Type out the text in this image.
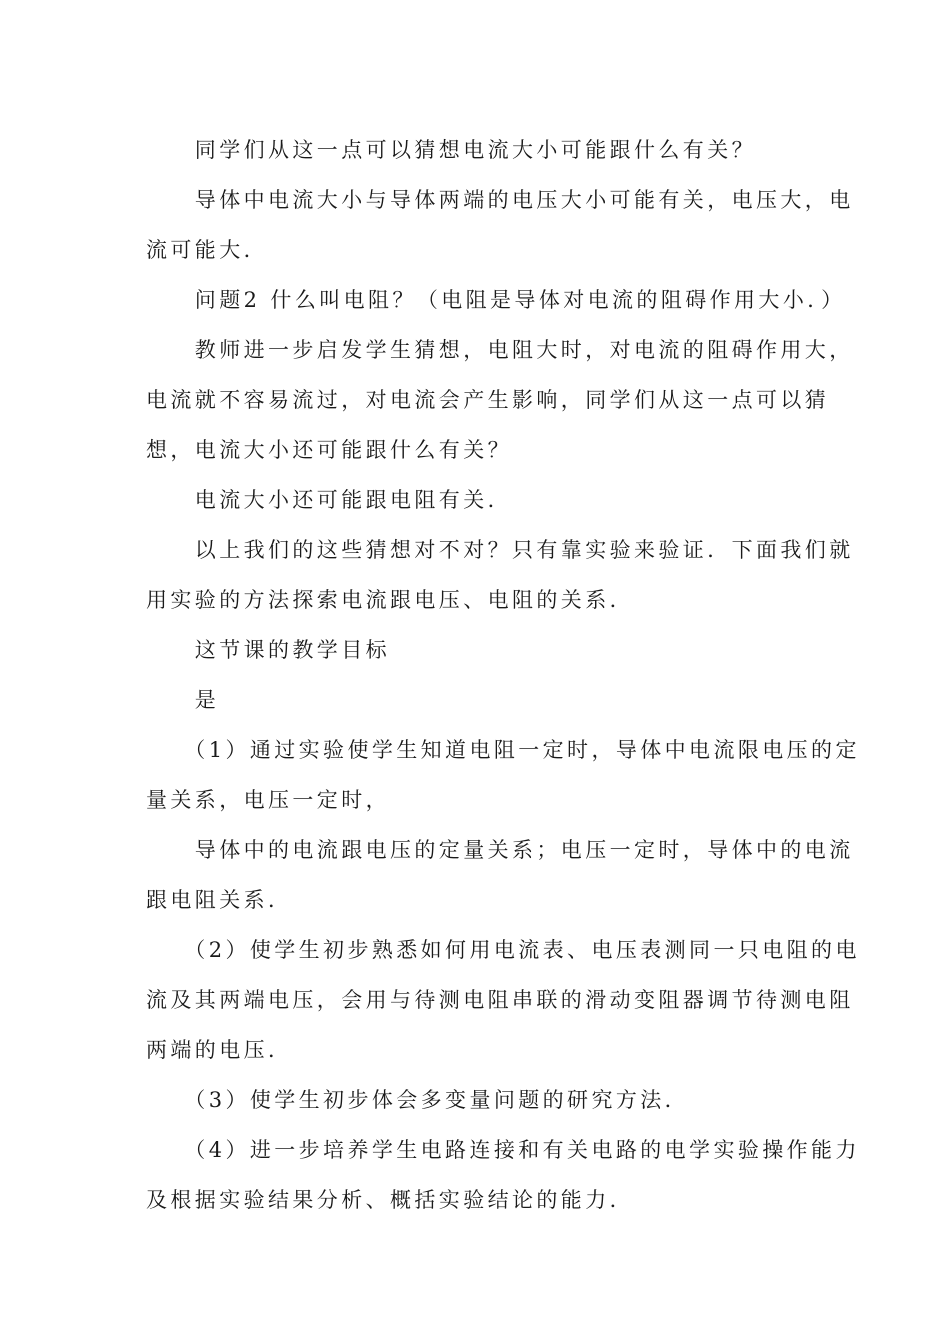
　　同学们从这一点可以猜想电流大小可能跟什么有关？

　　导体中电流大小与导体两端的电压大小可能有关，电压大，电
流可能大．

　　问题2 什么叫电阻？（电阻是导体对电流的阻碍作用大小．）

　　教师进一步启发学生猜想，电阻大时，对电流的阻碍作用大，
电流就不容易流过，对电流会产生影响，同学们从这一点可以猜
想，电流大小还可能跟什么有关？

　　电流大小还可能跟电阻有关．

　　以上我们的这些猜想对不对？只有靠实验来验证．下面我们就
用实验的方法探索电流跟电压、电阻的关系．

　　这节课的教学目标

　　是

　　（1）通过实验使学生知道电阻一定时，导体中电流限电压的定
量关系，电压一定时，

　　导体中的电流跟电压的定量关系；电压一定时，导体中的电流
跟电阻关系．

　　（2）使学生初步熟悉如何用电流表、电压表测同一只电阻的电
流及其两端电压，会用与待测电阻串联的滑动变阻器调节待测电阻
两端的电压．

　　（3）使学生初步体会多变量问题的研究方法．

　　（4）进一步培养学生电路连接和有关电路的电学实验操作能力
及根据实验结果分析、概括实验结论的能力．
